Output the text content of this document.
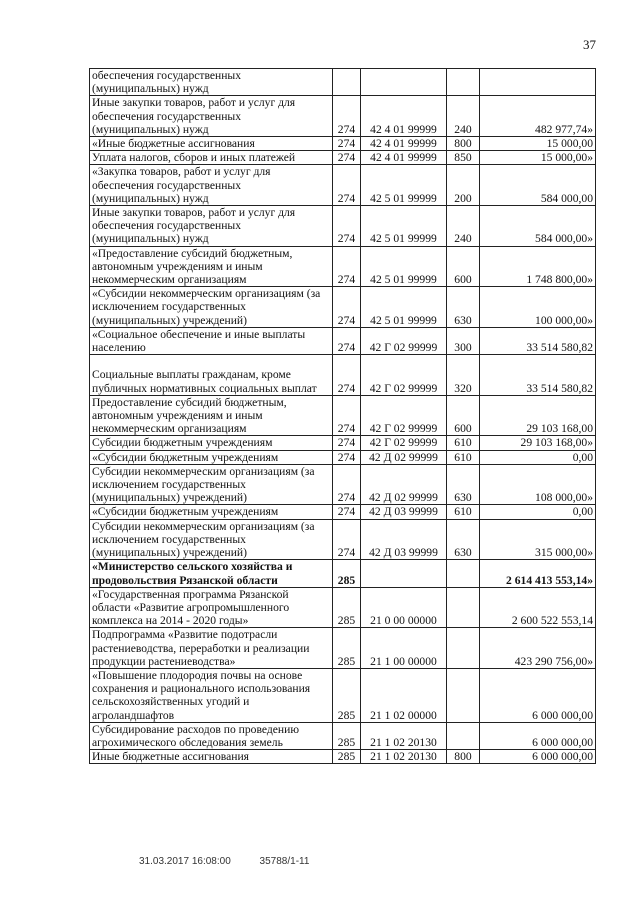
37
обеспечения государственных (муниципальных) нужд				
Иные закупки товаров, работ и услуг для обеспечения государственных (муниципальных) нужд	274	42 4 01 99999	240	482 977,74»
«Иные бюджетные ассигнования	274	42 4 01 99999	800	15 000,00
Уплата налогов, сборов и иных платежей	274	42 4 01 99999	850	15 000,00»
«Закупка товаров, работ и услуг для обеспечения государственных (муниципальных) нужд	274	42 5 01 99999	200	584 000,00
Иные закупки товаров, работ и услуг для обеспечения государственных (муниципальных) нужд	274	42 5 01 99999	240	584 000,00»
«Предоставление субсидий бюджетным, автономным учреждениям и иным некоммерческим организациям	274	42 5 01 99999	600	1 748 800,00»
«Субсидии некоммерческим организациям (за исключением государственных (муниципальных) учреждений)	274	42 5 01 99999	630	100 000,00»
«Социальное обеспечение и иные выплаты населению	274	42 Г 02 99999	300	33 514 580,82
Социальные выплаты гражданам, кроме публичных нормативных социальных выплат	274	42 Г 02 99999	320	33 514 580,82
Предоставление субсидий бюджетным, автономным учреждениям и иным некоммерческим организациям	274	42 Г 02 99999	600	29 103 168,00
Субсидии бюджетным учреждениям	274	42 Г 02 99999	610	29 103 168,00»
«Субсидии бюджетным учреждениям	274	42 Д 02 99999	610	0,00
Субсидии некоммерческим организациям (за исключением государственных (муниципальных) учреждений)	274	42 Д 02 99999	630	108 000,00»
«Субсидии бюджетным учреждениям	274	42 Д 03 99999	610	0,00
Субсидии некоммерческим организациям (за исключением государственных (муниципальных) учреждений)	274	42 Д 03 99999	630	315 000,00»
«Министерство сельского хозяйства и продовольствия Рязанской области	285			2 614 413 553,14»
«Государственная программа Рязанской области «Развитие агропромышленного комплекса на 2014 - 2020 годы»	285	21 0 00 00000		2 600 522 553,14
Подпрограмма «Развитие подотрасли растениеводства, переработки и реализации продукции растениеводства»	285	21 1 00 00000		423 290 756,00»
«Повышение плодородия почвы на основе сохранения и рационального использования сельскохозяйственных угодий и агроландшафтов	285	21 1 02 00000		6 000 000,00
Субсидирование расходов по проведению агрохимического обследования земель	285	21 1 02 20130		6 000 000,00
Иные бюджетные ассигнования	285	21 1 02 20130	800	6 000 000,00
31.03.2017 16:08:00	35788/1-11
